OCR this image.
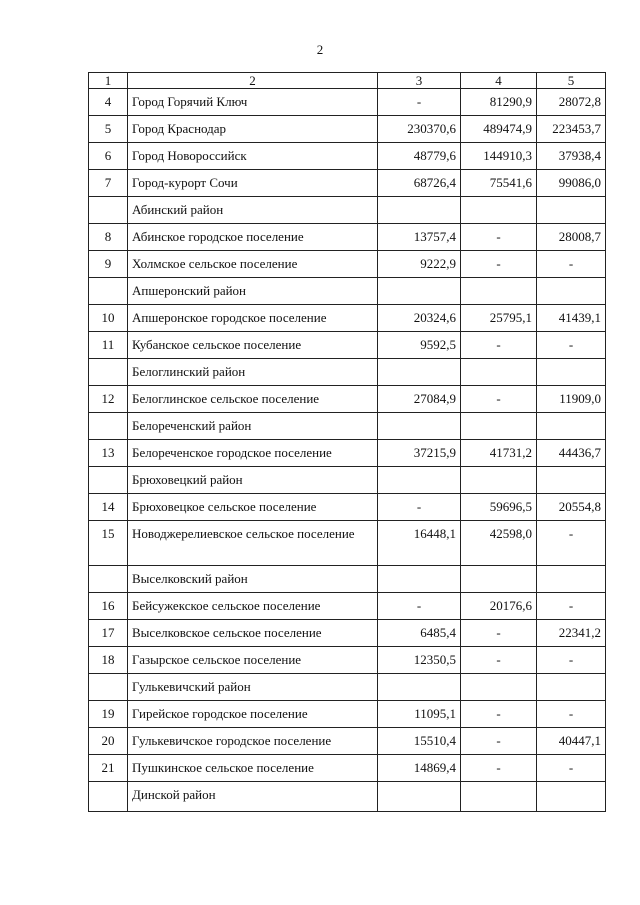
2
1	2	3	4	5
4	Город Горячий Ключ	-	81290,9	28072,8
5	Город Краснодар	230370,6	489474,9	223453,7
6	Город Новороссийск	48779,6	144910,3	37938,4
7	Город-курорт Сочи	68726,4	75541,6	99086,0
	Абинский район			
8	Абинское городское поселение	13757,4	-	28008,7
9	Холмское сельское поселение	9222,9	-	-
	Апшеронский район			
10	Апшеронское городское поселение	20324,6	25795,1	41439,1
11	Кубанское сельское поселение	9592,5	-	-
	Белоглинский район			
12	Белоглинское сельское поселение	27084,9	-	11909,0
	Белореченский район			
13	Белореченское городское поселение	37215,9	41731,2	44436,7
	Брюховецкий район			
14	Брюховецкое сельское поселение	-	59696,5	20554,8
15	Новоджерелиевское сельское поселение	16448,1	42598,0	-
	Выселковский район			
16	Бейсужекское сельское поселение	-	20176,6	-
17	Выселковское сельское поселение	6485,4	-	22341,2
18	Газырское сельское поселение	12350,5	-	-
	Гулькевичский район			
19	Гирейское городское поселение	11095,1	-	-
20	Гулькевичское городское поселение	15510,4	-	40447,1
21	Пушкинское сельское поселение	14869,4	-	-
	Динской район			
